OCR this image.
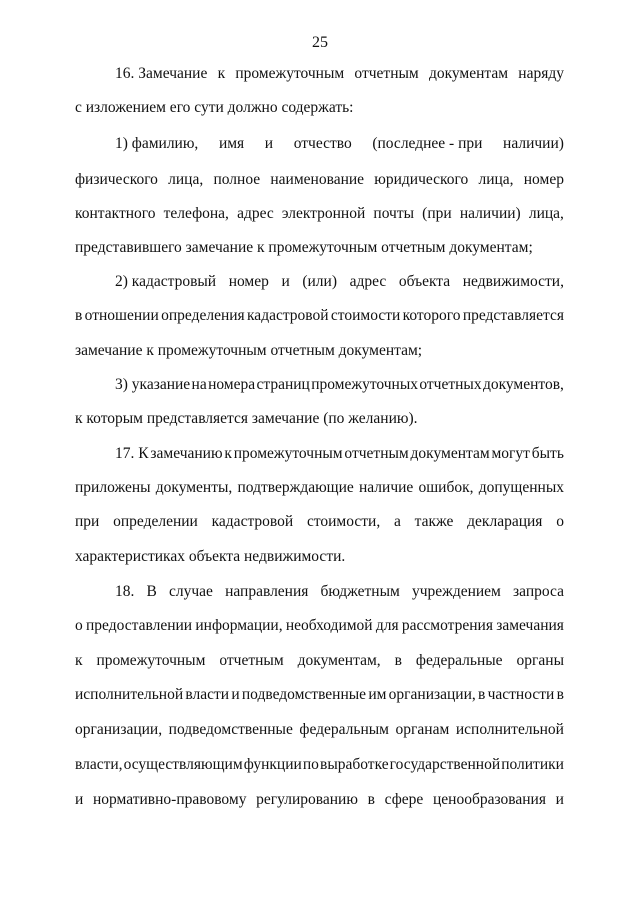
25
16. Замечание к промежуточным отчетным документам наряду
с изложением его сути должно содержать:
1) фамилию, имя и отчество (последнее - при наличии)
физического лица, полное наименование юридического лица, номер
контактного телефона, адрес электронной почты (при наличии) лица,
представившего замечание к промежуточным отчетным документам;
2) кадастровый номер и (или) адрес объекта недвижимости,
в отношении определения кадастровой стоимости которого представляется
замечание к промежуточным отчетным документам;
3) указание на номера страниц промежуточных отчетных документов,
к которым представляется замечание (по желанию).
17. К замечанию к промежуточным отчетным документам могут быть
приложены документы, подтверждающие наличие ошибок, допущенных
при определении кадастровой стоимости, а также декларация о
характеристиках объекта недвижимости.
18. В случае направления бюджетным учреждением запроса
о предоставлении информации, необходимой для рассмотрения замечания
к промежуточным отчетным документам, в федеральные органы
исполнительной власти и подведомственные им организации, в частности в
организации, подведомственные федеральным органам исполнительной
власти, осуществляющим функции по выработке государственной политики
и нормативно-правовому регулированию в сфере ценообразования и
